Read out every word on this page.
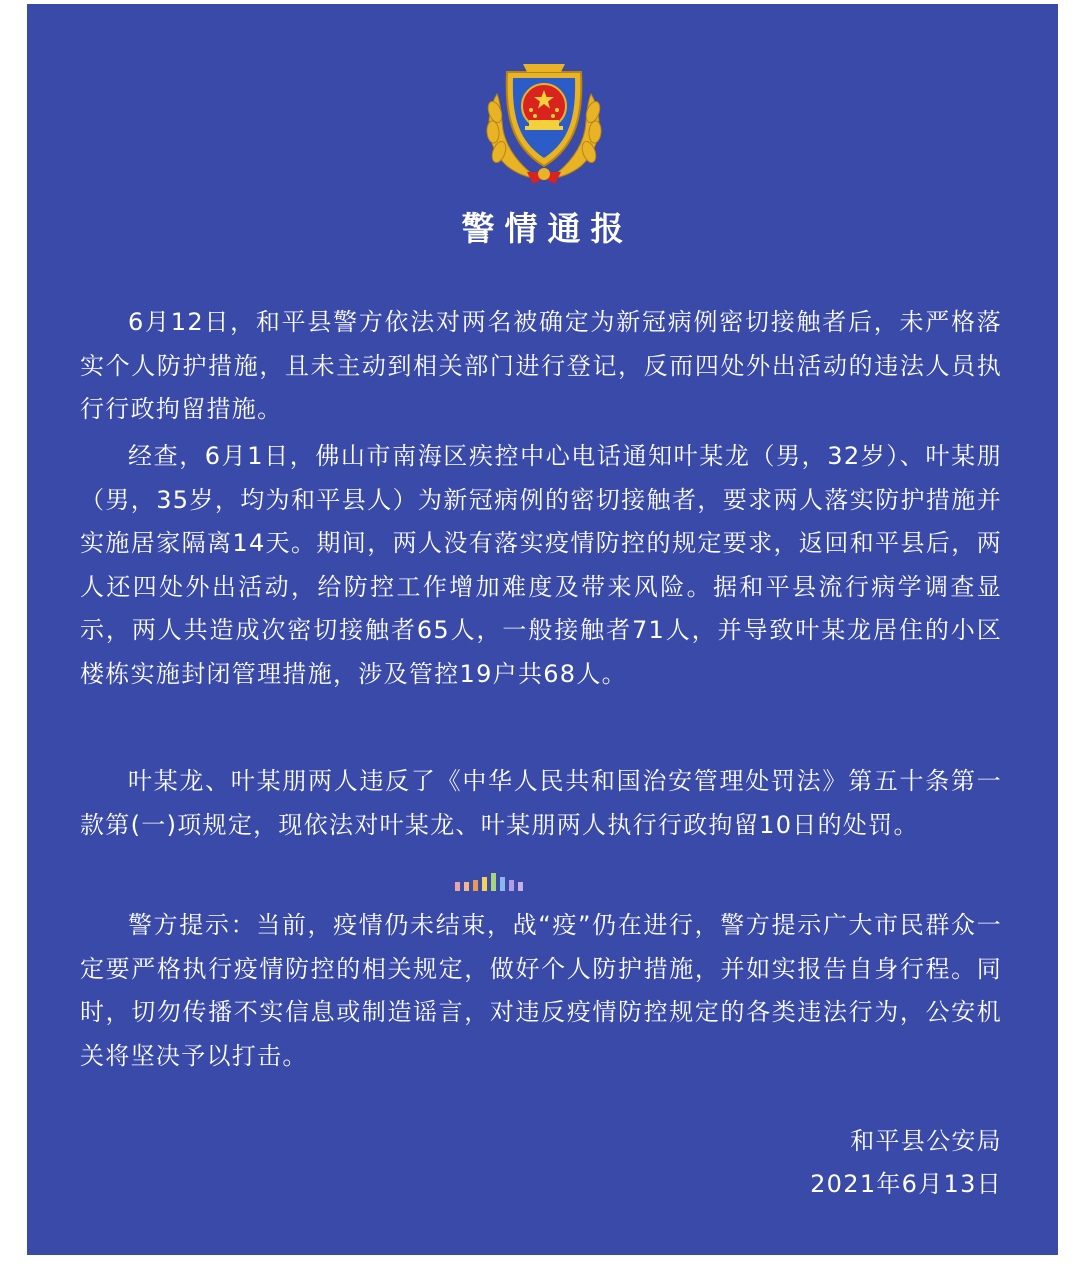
警情通报

6月12日，和平县警方依法对两名被确定为新冠病例密切接触者后，未严格落实个人防护措施，且未主动到相关部门进行登记，反而四处外出活动的违法人员执行行政拘留措施。

经查，6月1日，佛山市南海区疾控中心电话通知叶某龙（男，32岁）、叶某朋（男，35岁，均为和平县人）为新冠病例的密切接触者，要求两人落实防护措施并实施居家隔离14天。期间，两人没有落实疫情防控的规定要求，返回和平县后，两人还四处外出活动，给防控工作增加难度及带来风险。据和平县流行病学调查显示，两人共造成次密切接触者65人，一般接触者71人，并导致叶某龙居住的小区楼栋实施封闭管理措施，涉及管控19户共68人。

叶某龙、叶某朋两人违反了《中华人民共和国治安管理处罚法》第五十条第一款第(一)项规定，现依法对叶某龙、叶某朋两人执行行政拘留10日的处罚。

警方提示：当前，疫情仍未结束，战“疫”仍在进行，警方提示广大市民群众一定要严格执行疫情防控的相关规定，做好个人防护措施，并如实报告自身行程。同时，切勿传播不实信息或制造谣言，对违反疫情防控规定的各类违法行为，公安机关将坚决予以打击。

和平县公安局
2021年6月13日
